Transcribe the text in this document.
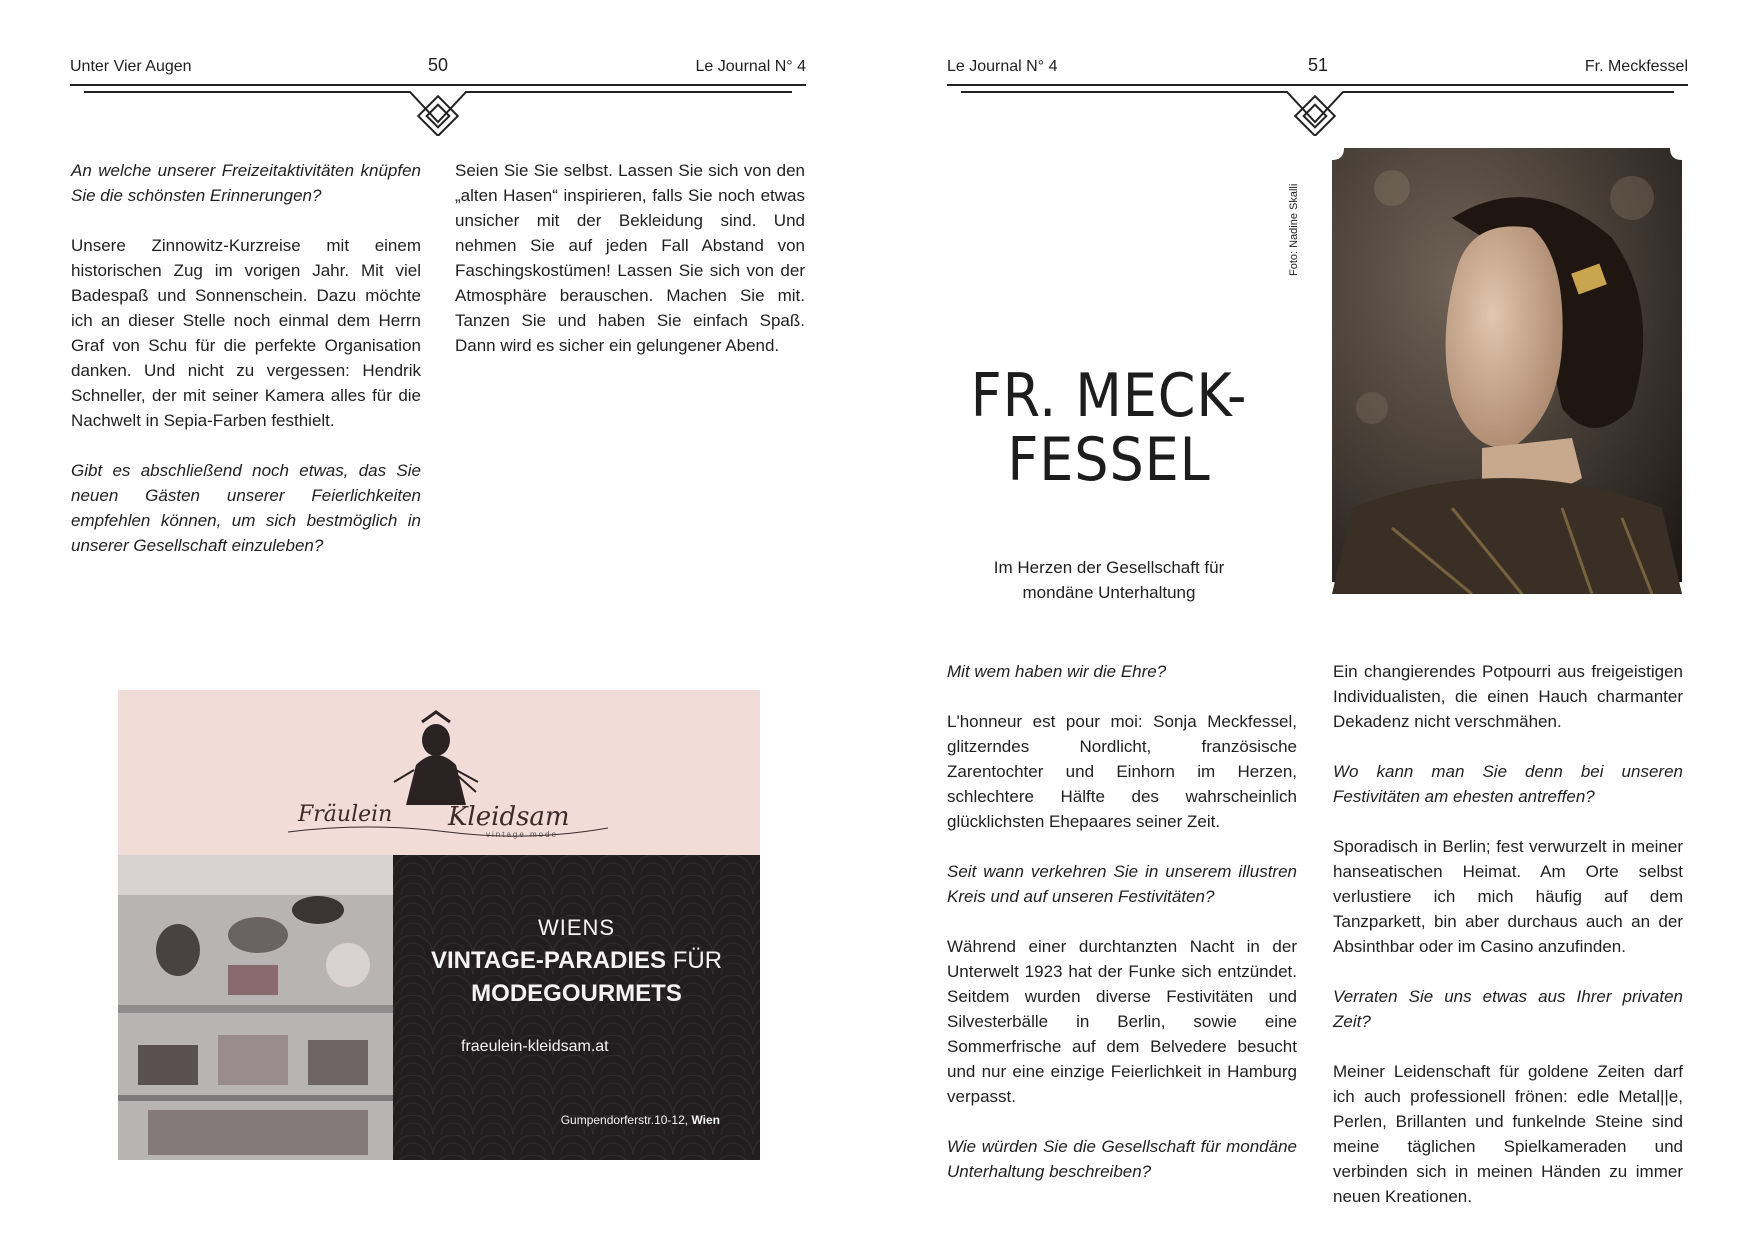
Unter Vier Augen	50	Le Journal N° 4

An welche unserer Freizeitaktivitäten knüpfen Sie die schönsten Erinnerungen?

Unsere Zinnowitz-Kurzreise mit einem historischen Zug im vorigen Jahr. Mit viel Badespaß und Sonnenschein. Dazu möchte ich an dieser Stelle noch einmal dem Herrn Graf von Schu für die perfekte Organisation danken. Und nicht zu vergessen: Hendrik Schneller, der mit seiner Kamera alles für die Nachwelt in Sepia-Farben festhielt.

Gibt es abschließend noch etwas, das Sie neuen Gästen unserer Feierlichkeiten empfehlen können, um sich bestmöglich in unserer Gesellschaft einzuleben?

Seien Sie Sie selbst. Lassen Sie sich von den „alten Hasen“ inspirieren, falls Sie noch etwas unsicher mit der Bekleidung sind. Und nehmen Sie auf jeden Fall Abstand von Faschingskostümen! Lassen Sie sich von der Atmosphäre berauschen. Machen Sie mit. Tanzen Sie und haben Sie einfach Spaß. Dann wird es sicher ein gelungener Abend.

Fräulein Kleidsam
vintage mode
WIENS
VINTAGE-PARADIES FÜR
MODEGOURMETS
fraeulein-kleidsam.at
Gumpendorferstr.10-12, Wien
Le Journal N° 4	51	Fr. Meckfessel
FR. MECK-
FESSEL
Im Herzen der Gesellschaft für
mondäne Unterhaltung
Foto: Nadine Skalli

Mit wem haben wir die Ehre?

L'honneur est pour moi: Sonja Meckfessel, glitzerndes Nordlicht, französische Zarentochter und Einhorn im Herzen, schlechtere Hälfte des wahrscheinlich glücklichsten Ehepaares seiner Zeit.

Seit wann verkehren Sie in unserem illustren Kreis und auf unseren Festivitäten?

Während einer durchtanzten Nacht in der Unterwelt 1923 hat der Funke sich entzündet. Seitdem wurden diverse Festivitäten und Silvesterbälle in Berlin, sowie eine Sommerfrische auf dem Belvedere besucht und nur eine einzige Feierlichkeit in Hamburg verpasst.

Wie würden Sie die Gesellschaft für mondäne Unterhaltung beschreiben?

Ein changierendes Potpourri aus freigeistigen Individualisten, die einen Hauch charmanter Dekadenz nicht verschmähen.

Wo kann man Sie denn bei unseren Festivitäten am ehesten antreffen?

Sporadisch in Berlin; fest verwurzelt in meiner hanseatischen Heimat. Am Orte selbst verlustiere ich mich häufig auf dem Tanzparkett, bin aber durchaus auch an der Absinthbar oder im Casino anzufinden.

Verraten Sie uns etwas aus Ihrer privaten Zeit?

Meiner Leidenschaft für goldene Zeiten darf ich auch professionell frönen: edle Metal||e, Perlen, Brillanten und funkelnde Steine sind meine täglichen Spielkameraden und verbinden sich in meinen Händen zu immer neuen Kreationen.
